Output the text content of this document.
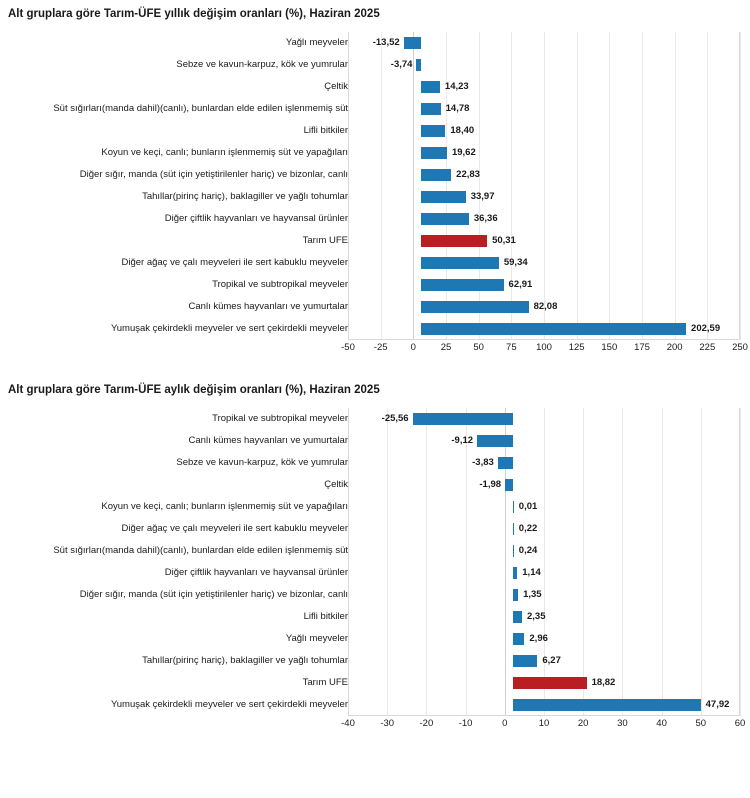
Alt gruplara göre Tarım-ÜFE yıllık değişim oranları (%), Haziran 2025
Yağlı meyveler	-13,52
Sebze ve kavun-karpuz, kök ve yumrular	-3,74
Çeltik	14,23
Süt sığırları(manda dahil)(canlı), bunlardan elde edilen işlenmemiş süt	14,78
Lifli bitkiler	18,40
Koyun ve keçi, canlı; bunların işlenmemiş süt ve yapağıları	19,62
Diğer sığır, manda (süt için yetiştirilenler hariç) ve bizonlar, canlı	22,83
Tahıllar(pirinç hariç), baklagiller ve yağlı tohumlar	33,97
Diğer çiftlik hayvanları ve hayvansal ürünler	36,36
Tarım ÜFE	50,31
Diğer ağaç ve çalı meyveleri ile sert kabuklu meyveler	59,34
Tropikal ve subtropikal meyveler	62,91
Canlı kümes hayvanları ve yumurtalar	82,08
Yumuşak çekirdekli meyveler ve sert çekirdekli meyveler	202,59
-50 -25 0	25 50 75 100 125 150 175 200 225 250
Alt gruplara göre Tarım-ÜFE aylık değişim oranları (%), Haziran 2025
Tropikal ve subtropikal meyveler	-25,56
Canlı kümes hayvanları ve yumurtalar	-9,12
Sebze ve kavun-karpuz, kök ve yumrular	-3,83
Çeltik	-1,98
Koyun ve keçi, canlı; bunların işlenmemiş süt ve yapağıları	0,01
Diğer ağaç ve çalı meyveleri ile sert kabuklu meyveler	0,22
Süt sığırları(manda dahil)(canlı), bunlardan elde edilen işlenmemiş süt	0,24
Diğer çiftlik hayvanları ve hayvansal ürünler	1,14
Diğer sığır, manda (süt için yetiştirilenler hariç) ve bizonlar, canlı	1,35
Lifli bitkiler	2,35
Yağlı meyveler	2,96
Tahıllar(pirinç hariç), baklagiller ve yağlı tohumlar	6,27
Tarım ÜFE	18,82
Yumuşak çekirdekli meyveler ve sert çekirdekli meyveler	47,92
-40	-30	-20	-10	0	10	20	30	40	50	60
